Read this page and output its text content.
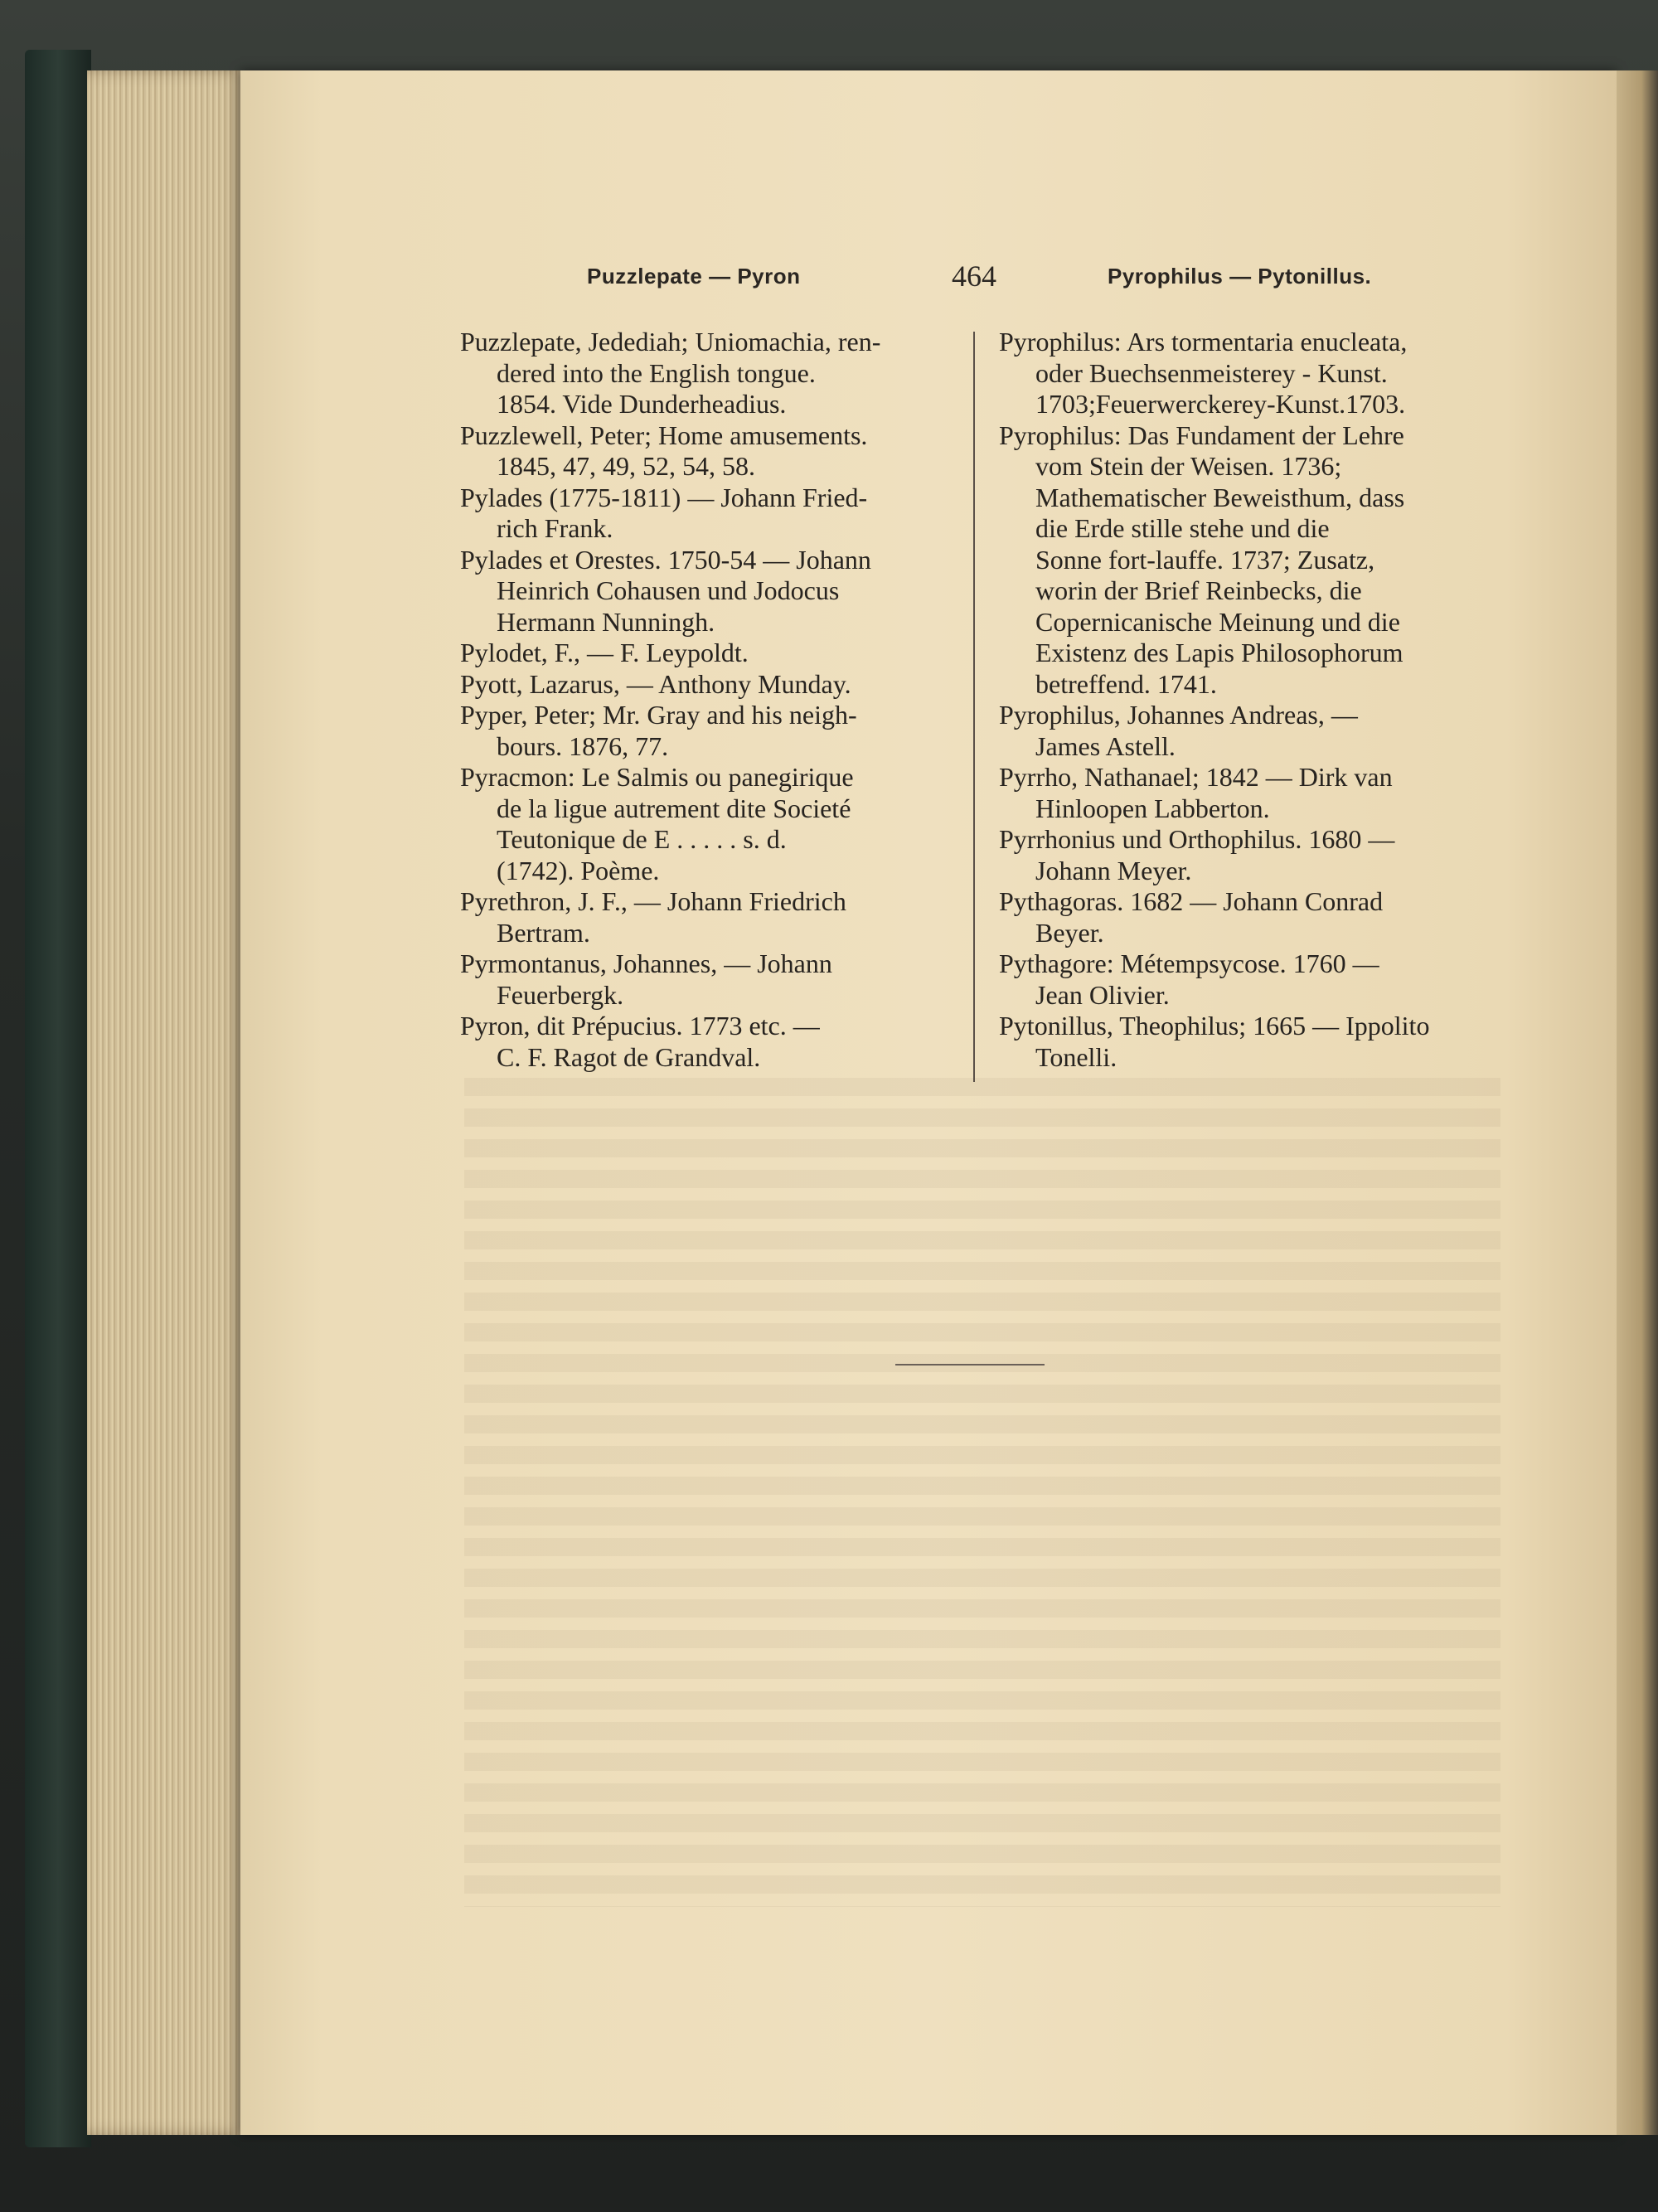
Puzzlepate — Pyron	464	Pyrophilus — Pytonillus.
Puzzlepate, Jedediah; Uniomachia, ren-
dered into the English tongue.
1854. Vide Dunderheadius.
Puzzlewell, Peter; Home amusements.
1845, 47, 49, 52, 54, 58.
Pylades (1775-1811) — Johann Fried-
rich Frank.
Pylades et Orestes. 1750-54 — Johann
Heinrich Cohausen und Jodocus
Hermann Nunningh.
Pylodet, F., — F. Leypoldt.
Pyott, Lazarus, — Anthony Munday.
Pyper, Peter; Mr. Gray and his neigh-
bours. 1876, 77.
Pyracmon: Le Salmis ou panegirique
de la ligue autrement dite Societé
Teutonique de E . . . . . s. d.
(1742). Poème.
Pyrethron, J. F., — Johann Friedrich
Bertram.
Pyrmontanus, Johannes, — Johann
Feuerbergk.
Pyron, dit Prépucius. 1773 etc. —
C. F. Ragot de Grandval.
Pyrophilus: Ars tormentaria enucleata,
oder Buechsenmeisterey - Kunst.
1703;Feuerwerckerey-Kunst.1703.
Pyrophilus: Das Fundament der Lehre
vom Stein der Weisen. 1736;
Mathematischer Beweisthum, dass
die Erde stille stehe und die
Sonne fort-lauffe. 1737; Zusatz,
worin der Brief Reinbecks, die
Copernicanische Meinung und die
Existenz des Lapis Philosophorum
betreffend. 1741.
Pyrophilus, Johannes Andreas, —
James Astell.
Pyrrho, Nathanael; 1842 — Dirk van
Hinloopen Labberton.
Pyrrhonius und Orthophilus. 1680 —
Johann Meyer.
Pythagoras. 1682 — Johann Conrad
Beyer.
Pythagore: Métempsycose. 1760 —
Jean Olivier.
Pytonillus, Theophilus; 1665 — Ippolito
Tonelli.
